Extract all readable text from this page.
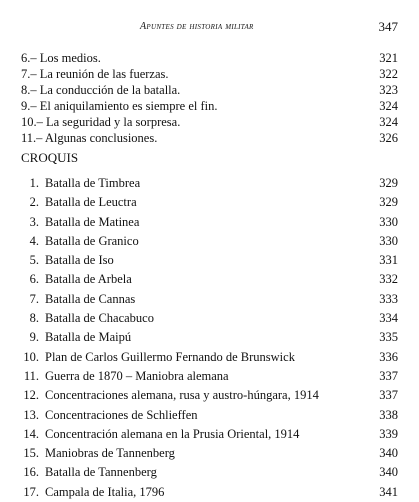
Apuntes de historia militar	347
6.– Los medios.	321
7.– La reunión de las fuerzas.	322
8.– La conducción de la batalla.	323
9.– El aniquilamiento es siempre el fin.	324
10.– La seguridad y la sorpresa.	324
11.– Algunas conclusiones.	326
CROQUIS
1. Batalla de Timbrea	329
2. Batalla de Leuctra	329
3. Batalla de Matinea	330
4. Batalla de Granico	330
5. Batalla de Iso	331
6. Batalla de Arbela	332
7. Batalla de Cannas	333
8. Batalla de Chacabuco	334
9. Batalla de Maipú	335
10. Plan de Carlos Guillermo Fernando de Brunswick	336
11. Guerra de 1870 – Maniobra alemana	337
12. Concentraciones alemana, rusa y austro-húngara, 1914	337
13. Concentraciones de Schlieffen	338
14. Concentración alemana en la Prusia Oriental, 1914	339
15. Maniobras de Tannenberg	340
16. Batalla de Tannenberg	340
17. Campala de Italia, 1796	341
